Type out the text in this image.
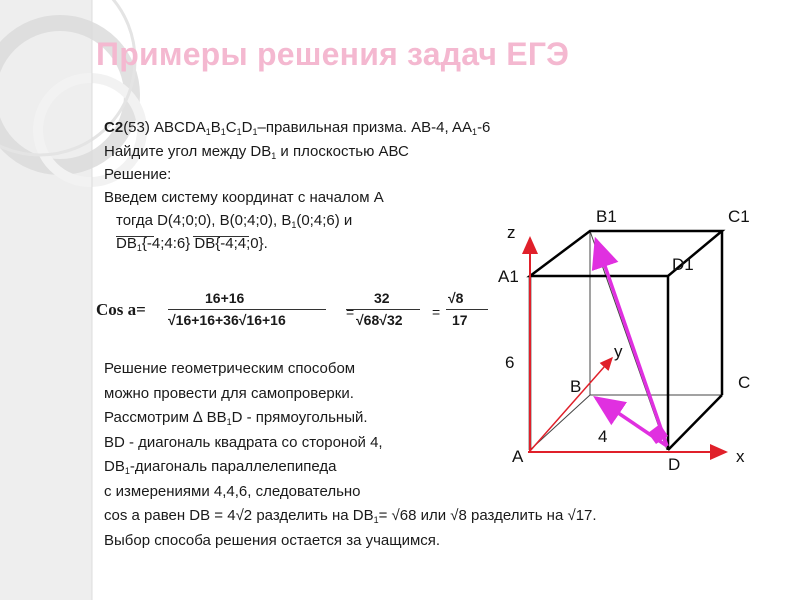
Примеры решения задач ЕГЭ
С2(53) $ABCDA_1B_1C_1D_1$–правильная призма. AB-4, $AA_1-6$
Найдите угол между $DB_1$ и плоскостью АВС
Решение:
Введем систему координат с началом А
тогда D(4;0;0), B(0;4;0), $B_1(0;4;6)$ и
$DB_1\{-4;4:6\}$ DB{-4;4;0}.
Cos a=
16+16
√16+16+36√16+16	=
32
√68√32 =
√8
17
Решение геометрическим способом
можно провести для самопроверки.
Рассмотрим ∆ $BB_1D$ - прямоугольный.
BD - диагональ квадрата со стороной 4,
$DB_1$-диагональ параллелепипеда
с измерениями 4,4,6, следовательно
cos a равен DB = 4√2 разделить на $DB_1= √68$ или √8 разделить на √17.
Выбор способа решения остается за учащимся.
z
B1	C1
A1
D1
6
y
B	C
A
4
D	x
